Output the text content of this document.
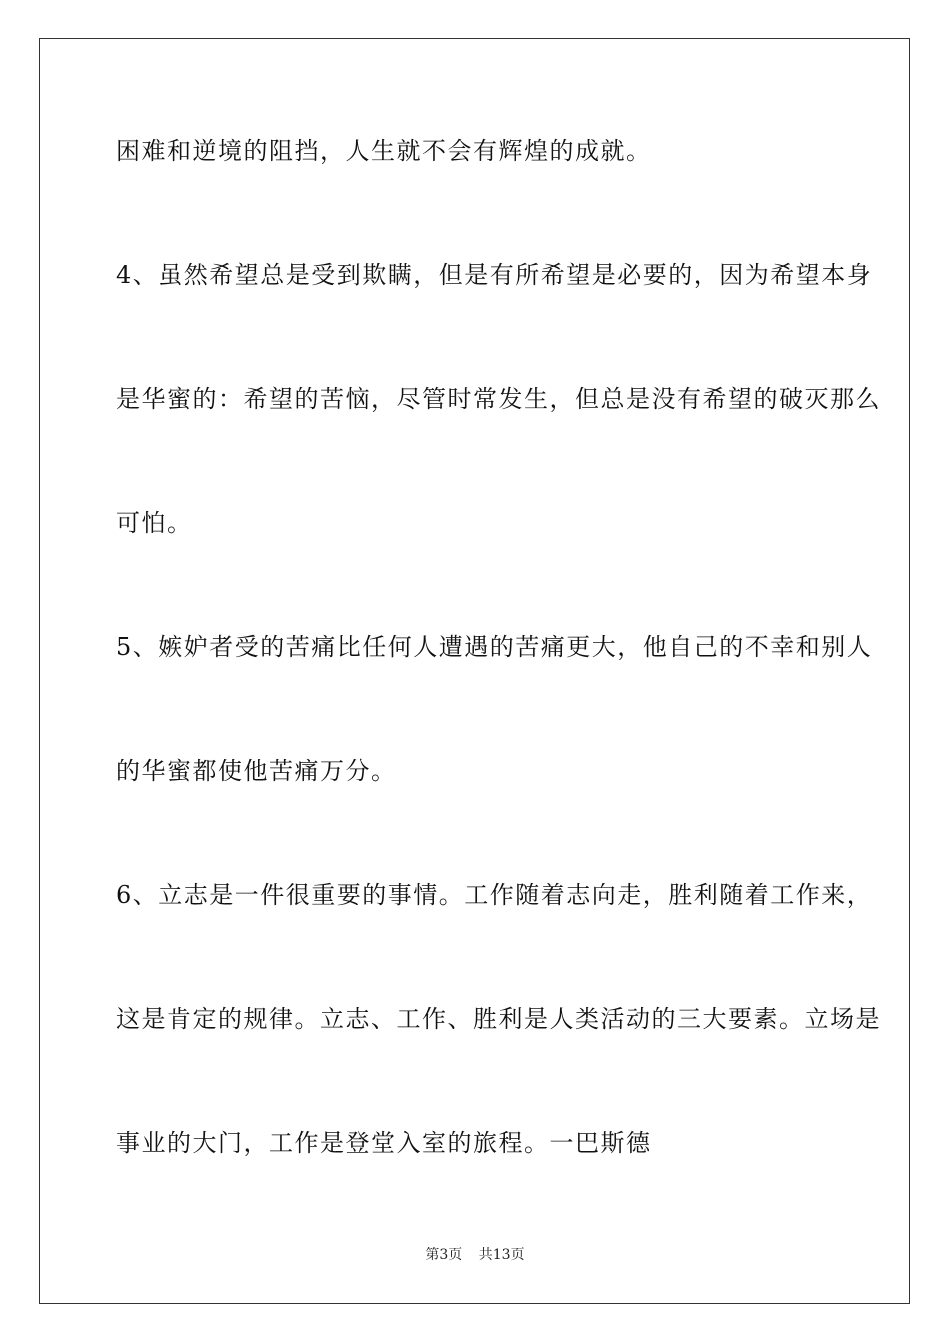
困难和逆境的阻挡，人生就不会有辉煌的成就。
4、虽然希望总是受到欺瞒，但是有所希望是必要的，因为希望本身
是华蜜的：希望的苦恼，尽管时常发生，但总是没有希望的破灭那么
可怕。
5、嫉妒者受的苦痛比任何人遭遇的苦痛更大，他自己的不幸和别人
的华蜜都使他苦痛万分。
6、立志是一件很重要的事情。工作随着志向走，胜利随着工作来，
这是肯定的规律。立志、工作、胜利是人类活动的三大要素。立场是
事业的大门，工作是登堂入室的旅程。一巴斯德
第3页 共13页
